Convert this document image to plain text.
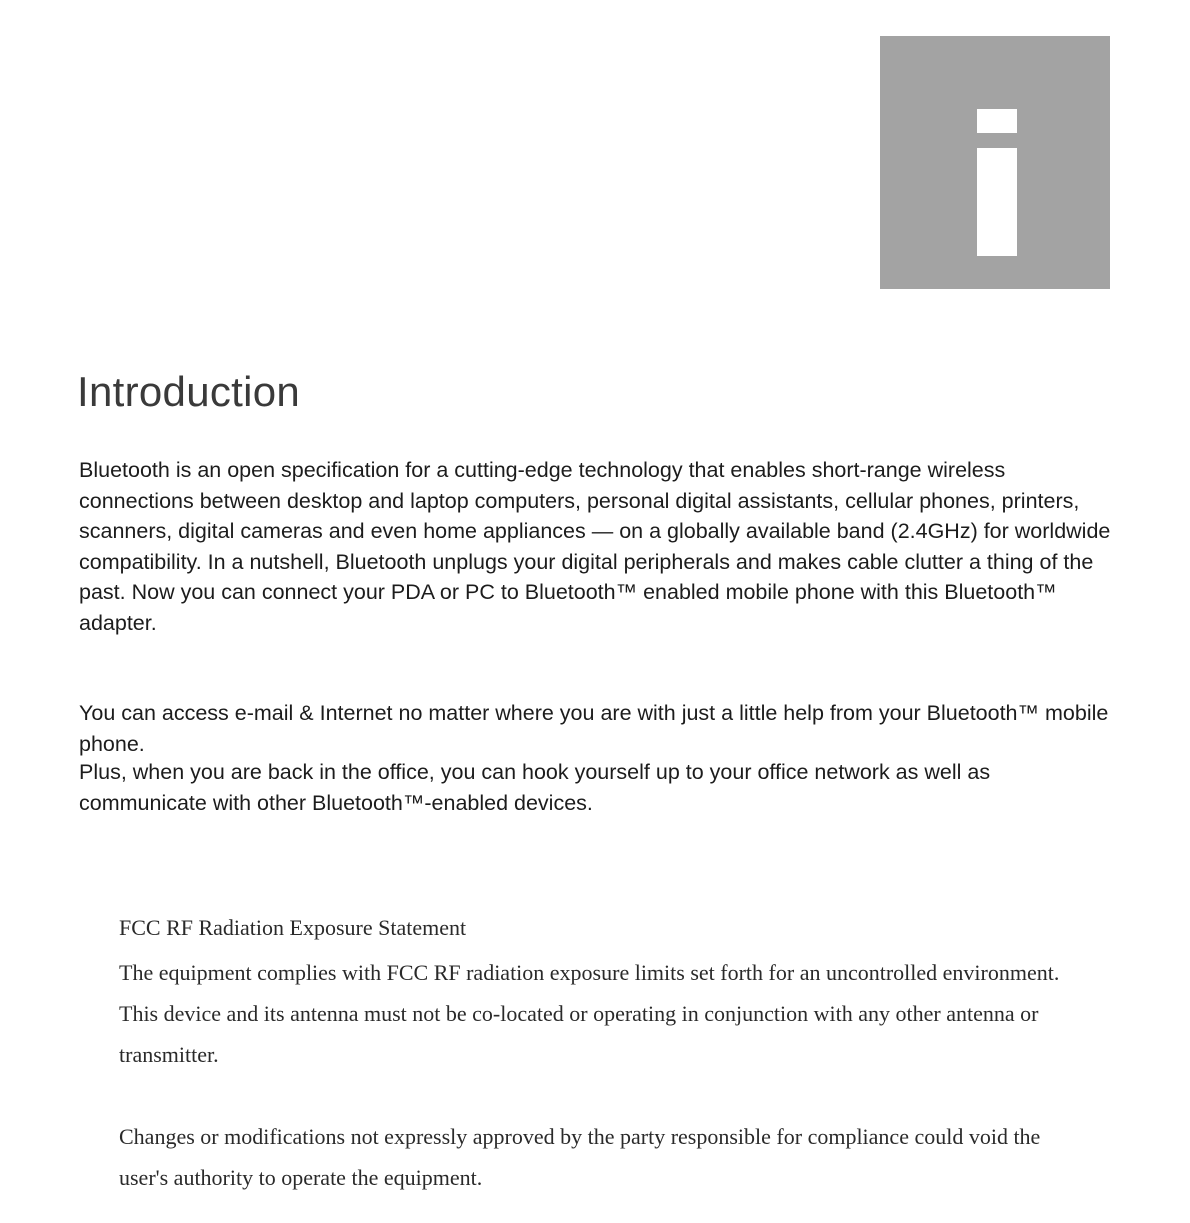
Introduction

Bluetooth is an open specification for a cutting-edge technology that enables short-range wireless connections between desktop and laptop computers, personal digital assistants, cellular phones, printers, scanners, digital cameras and even home appliances — on a globally available band (2.4GHz) for worldwide compatibility. In a nutshell, Bluetooth unplugs your digital peripherals and makes cable clutter a thing of the past. Now you can connect your PDA or PC to Bluetooth™ enabled mobile phone with this Bluetooth™ adapter.

You can access e-mail & Internet no matter where you are with just a little help from your Bluetooth™ mobile phone.

Plus, when you are back in the office, you can hook yourself up to your office network as well as communicate with other Bluetooth™-enabled devices.

FCC RF Radiation Exposure Statement

The equipment complies with FCC RF radiation exposure limits set forth for an uncontrolled environment. This device and its antenna must not be co-located or operating in conjunction with any other antenna or transmitter.

Changes or modifications not expressly approved by the party responsible for compliance could void the user's authority to operate the equipment.
